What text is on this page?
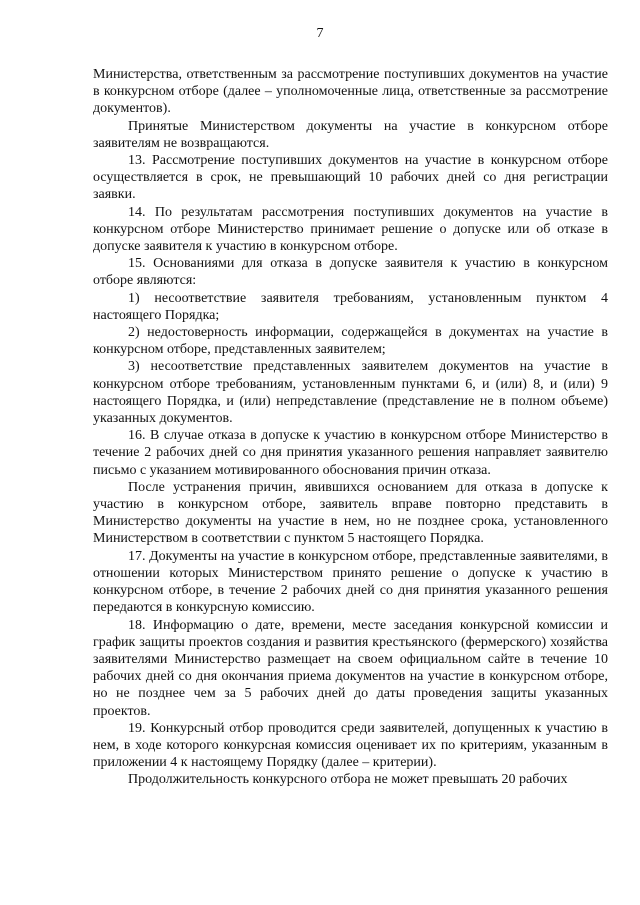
7

Министерства, ответственным за рассмотрение поступивших документов на участие в конкурсном отборе (далее – уполномоченные лица, ответственные за рассмотрение документов).

Принятые Министерством документы на участие в конкурсном отборе заявителям не возвращаются.

13. Рассмотрение поступивших документов на участие в конкурсном отборе осуществляется в срок, не превышающий 10 рабочих дней со дня регистрации заявки.

14. По результатам рассмотрения поступивших документов на участие в конкурсном отборе Министерство принимает решение о допуске или об отказе в допуске заявителя к участию в конкурсном отборе.

15. Основаниями для отказа в допуске заявителя к участию в конкурсном отборе являются:

1) несоответствие заявителя требованиям, установленным пунктом 4 настоящего Порядка;

2) недостоверность информации, содержащейся в документах на участие в конкурсном отборе, представленных заявителем;

3) несоответствие представленных заявителем документов на участие в конкурсном отборе требованиям, установленным пунктами 6, и (или) 8, и (или) 9 настоящего Порядка, и (или) непредставление (представление не в полном объеме) указанных документов.

16. В случае отказа в допуске к участию в конкурсном отборе Министерство в течение 2 рабочих дней со дня принятия указанного решения направляет заявителю письмо с указанием мотивированного обоснования причин отказа.

После устранения причин, явившихся основанием для отказа в допуске к участию в конкурсном отборе, заявитель вправе повторно представить в Министерство документы на участие в нем, но не позднее срока, установленного Министерством в соответствии с пунктом 5 настоящего Порядка.

17. Документы на участие в конкурсном отборе, представленные заявителями, в отношении которых Министерством принято решение о допуске к участию в конкурсном отборе, в течение 2 рабочих дней со дня принятия указанного решения передаются в конкурсную комиссию.

18. Информацию о дате, времени, месте заседания конкурсной комиссии и график защиты проектов создания и развития крестьянского (фермерского) хозяйства заявителями Министерство размещает на своем официальном сайте в течение 10 рабочих дней со дня окончания приема документов на участие в конкурсном отборе, но не позднее чем за 5 рабочих дней до даты проведения защиты указанных проектов.

19. Конкурсный отбор проводится среди заявителей, допущенных к участию в нем, в ходе которого конкурсная комиссия оценивает их по критериям, указанным в приложении 4 к настоящему Порядку (далее – критерии).

Продолжительность конкурсного отбора не может превышать 20 рабочих
